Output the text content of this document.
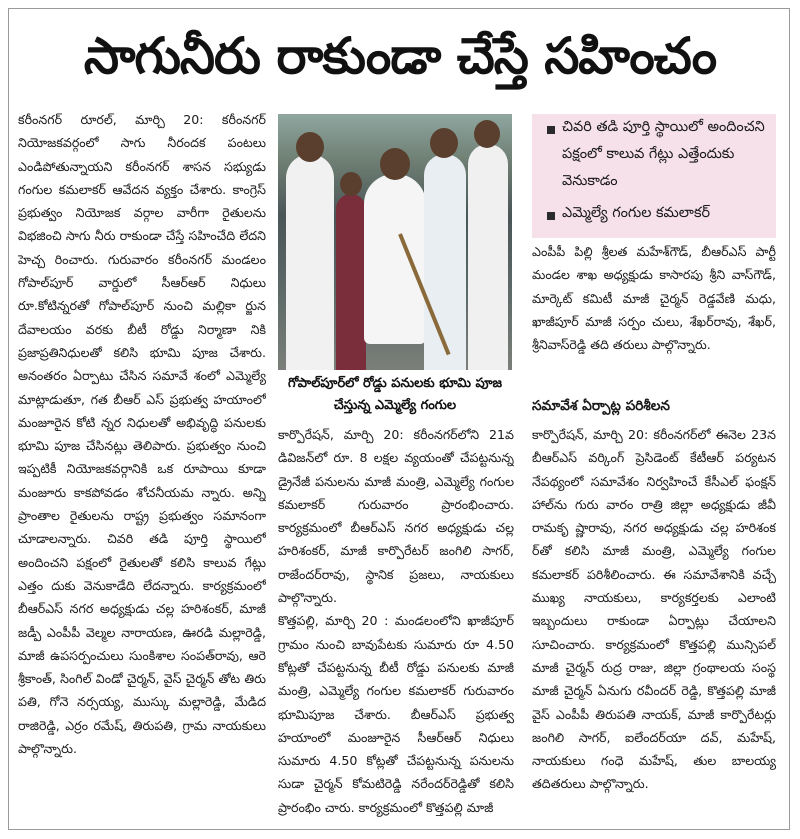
సాగునీరు రాకుండా చేస్తే సహించం

కరీంనగర్ రూరల్, మార్చి 20: కరీంనగర్ నియోజకవర్గంలో సాగు నీరందక పంటలు ఎండిపోతున్నాయని కరీంనగర్ శాసన సభ్యుడు గంగుల కమలాకర్ ఆవేదన వ్యక్తం చేశారు. కాంగ్రెస్ ప్రభుత్వం నియోజక వర్గాల వారీగా రైతులను విభజించి సాగు నీరు రాకుండా చేస్తే సహించేది లేదని హెచ్చ రించారు. గురువారం కరీంనగర్ మండలం గోపాల్‌పూర్ వార్డులో సీఆర్‌ఆర్ నిధులు రూ.కోటిన్నరతో గోపాల్‌పూర్ నుంచి మల్లికా ర్జున దేవాలయం వరకు బీటీ రోడ్డు నిర్మాణా నికి ప్రజాప్రతినిధులతో కలిసి భూమి పూజ చేశారు. అనంతరం ఏర్పాటు చేసిన సమావే శంలో ఎమ్మెల్యే మాట్లాడుతూ, గత బీఆర్ ఎస్ ప్రభుత్వ హయాంలో మంజూరైన కోటి న్నర నిధులతో అభివృద్ధి పనులకు భూమి పూజ చేసినట్లు తెలిపారు. ప్రభుత్వం నుంచి ఇప్పటికీ నియోజకవర్గానికి ఒక రూపాయి కూడా మంజూరు కాకపోవడం శోచనీయమ న్నారు. అన్ని ప్రాంతాల రైతులను రాష్ట్ర ప్రభుత్వం సమానంగా చూడాలన్నారు. చివరి తడి పూర్తి స్థాయిలో అందించని పక్షంలో రైతులతో కలిసి కాలువ గేట్లు ఎత్తం దుకు వెనుకాడేది లేదన్నారు. కార్యక్రమంలో బీఆర్‌ఎస్ నగర అధ్యక్షుడు చల్ల హరిశంకర్, మాజీ జడ్పీ ఎంపీపీ వెల్మల నారాయణ, ఊరడి మల్లారెడ్డి, మాజీ ఉపసర్పంచులు సుంకిశాల సంపత్‌రావు, ఆరె శ్రీకాంత్, సింగిల్ విండో చైర్మన్, వైస్ చైర్మన్ తోట తిరు పతి, గోనె నర్సయ్య, ముస్కు మల్లారెడ్డి, మేడిద రాజిరెడ్డి, ఎర్రం రమేష్, తిరుపతి, గ్రామ నాయకులు పాల్గొన్నారు.

గోపాల్‌పూర్‌లో రోడ్డు పనులకు భూమి పూజ చేస్తున్న ఎమ్మెల్యే గంగుల

కార్పొరేషన్, మార్చి 20: కరీంనగర్‌లోని 21వ డివిజన్‌లో రూ. 8 లక్షల వ్యయంతో చేపట్టనున్న డ్రైనేజీ పనులను మాజీ మంత్రి, ఎమ్మెల్యే గంగుల కమలాకర్ గురువారం ప్రారంభించారు. కార్యక్రమంలో బీఆర్‌ఎస్ నగర అధ్యక్షుడు చల్ల హరిశంకర్, మాజీ కార్పొరేటర్ జంగిలి సాగర్, రాజేందర్‌రావు, స్థానిక ప్రజలు, నాయకులు పాల్గొన్నారు.

కొత్తపల్లి, మార్చి 20 : మండలంలోని ఖాజీపూర్ గ్రామం నుంచి బావుపేటకు సుమారు రూ 4.50 కోట్లతో చేపట్టనున్న బీటీ రోడ్డు పనులకు మాజీ మంత్రి, ఎమ్మెల్యే గంగుల కమలాకర్ గురువారం భూమిపూజ చేశారు. బీఆర్‌ఎస్ ప్రభుత్వ హయాంలో మంజూరైన సీఆర్‌ఆర్ నిధులు సుమారు 4.50 కోట్లతో చేపట్టనున్న పనులను సుడా చైర్మన్ కోమటిరెడ్డి నరేందర్‌రెడ్డితో కలిసి ప్రారంభిం చారు. కార్యక్రమంలో కొత్తపల్లి మాజీ

చివరి తడి పూర్తి స్థాయిలో అందించని పక్షంలో కాలువ గేట్లు ఎత్తేందుకు వెనుకాడం
ఎమ్మెల్యే గంగుల కమలాకర్

ఎంపీపీ పిల్లి శ్రీలత మహేశ్‌గౌడ్, బీఆర్‌ఎస్ పార్టీ మండల శాఖ అధ్యక్షుడు కాసారపు శ్రీని వాస్‌గౌడ్, మార్కెట్ కమిటీ మాజీ చైర్మన్ రెడ్డవేణి మధు, ఖాజీపూర్ మాజీ సర్పం చులు, శేఖర్‌రావు, శేఖర్, శ్రీనివాస్‌రెడ్డి తది తరులు పాల్గొన్నారు.

సమావేశ ఏర్పాట్ల పరిశీలన

కార్పొరేషన్, మార్చి 20: కరీంనగర్‌లో ఈనెల 23న బీఆర్‌ఎస్ వర్కింగ్ ప్రెసిడెంట్ కేటీఆర్ పర్యటన నేపథ్యంలో సమావేశం నిర్వహించే కేసీఎల్ ఫంక్షన్ హాల్‌ను గురు వారం రాత్రి జిల్లా అధ్యక్షుడు జీవీ రామకృ ష్ణారావు, నగర అధ్యక్షుడు చల్ల హరిశంక ర్‌తో కలిసి మాజీ మంత్రి, ఎమ్మెల్యే గంగుల కమలాకర్ పరిశీలించారు. ఈ సమావేశానికి వచ్చే ముఖ్య నాయకులు, కార్యకర్తలకు ఎలాంటి ఇబ్బందులు రాకుండా ఏర్పాట్లు చేయాలని సూచించారు. కార్యక్రమంలో కొత్తపల్లి మున్సిపల్ మాజీ చైర్మన్ రుద్ర రాజు, జిల్లా గ్రంథాలయ సంస్థ మాజీ చైర్మన్ ఏనుగు రవీందర్ రెడ్డి, కొత్తపల్లి మాజీ వైస్ ఎంపీపీ తిరుపతి నాయక్, మాజీ కార్పొరేటర్లు జంగిలి సాగర్, ఐలేందర్‌యా దవ్, మహేష్, నాయకులు గంధె మహేష్, తుల బాలయ్య తదితరులు పాల్గొన్నారు.
